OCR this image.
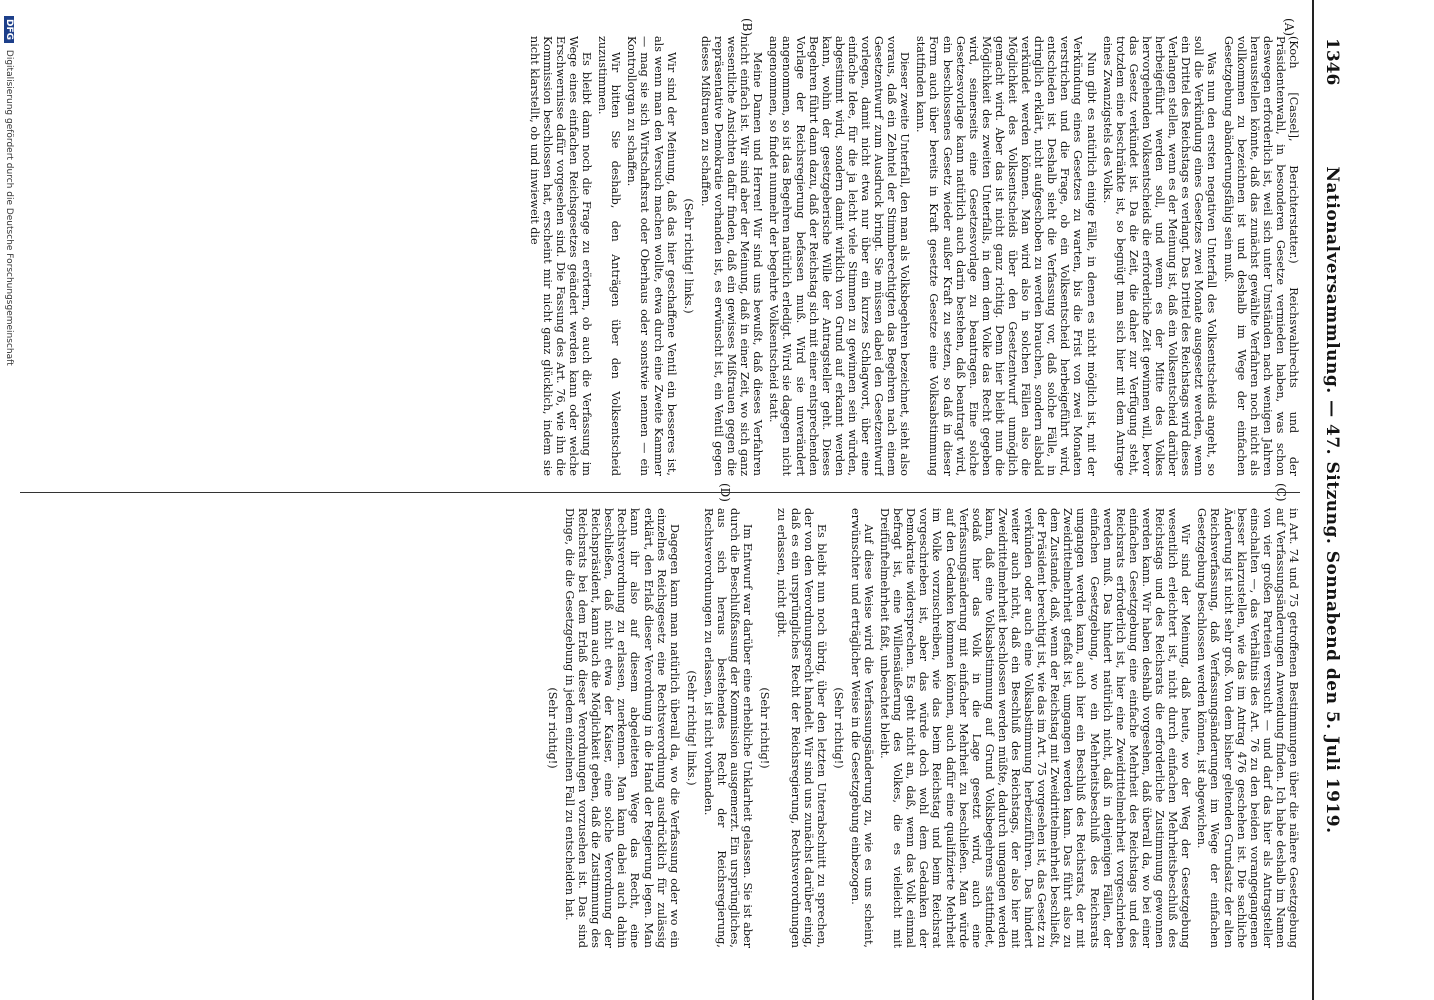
1346
Nationalversammlung. — 47. Sitzung. Sonnabend den 5. Juli 1919.
(A)
(B)
(C)
(D)

(Koch [Cassel], Berichterstatter.) Reichswahlrechts und der Präsidentenwahl, in besonderen Gesetze vermieden haben, was schon deswegen erforderlich ist, weil sich unter Umständen nach wenigen Jahren herausstellen könnte, daß das zunächst gewählte Verfahren noch nicht als vollkommen zu bezeichnen ist und deshalb im Wege der einfachen Gesetzgebung abänderungsfähig sein muß.

Was nun den ersten negativen Unterfall des Volksentscheids angeht, so soll die Verkündung eines Gesetzes zwei Monate ausgesetzt werden, wenn ein Drittel des Reichstags es verlangt. Das Drittel des Reichstags wird dieses Verlangen stellen, wenn es der Meinung ist, daß ein Volksentscheid darüber herbeigeführt werden soll, und wenn es der Mitte des Volkes hervorgehenden Volksentscheids die erforderliche Zeit gewinnen will, bevor das Gesetz verkündet ist. Da die Zeit, die daher zur Verfügung steht, trotzdem eine beschränkte ist, so begnügt man sich hier mit dem Antrage eines Zwanzigstels des Volks.

Nun gibt es natürlich einige Fälle, in denen es nicht möglich ist, mit der Verkündung eines Gesetzes zu warten, bis die Frist von zwei Monaten verstrichen und die Frage, ob ein Volksentscheid herbeigeführt wird, entschieden ist. Deshalb sieht die Verfassung vor, daß solche Fälle, in dringlich erklärt, nicht aufgeschoben zu werden brauchen, sondern alsbald verkündet werden können. Man wird also in solchen Fällen also die Möglichkeit des Volksentscheids über den Gesetzentwurf unmöglich gemacht wird. Aber das ist nicht ganz richtig. Denn hier bleibt nun die Möglichkeit des zweiten Unterfalls, in dem dem Volke das Recht gegeben wird, seinerseits eine Gesetzesvorlage zu beantragen. Eine solche Gesetzesvorlage kann natürlich auch darin bestehen, daß beantragt wird, ein beschlossenes Gesetz wieder außer Kraft zu setzen, so daß in dieser Form auch über bereits in Kraft gesetzte Gesetze eine Volksabstimmung stattfinden kann.

Dieser zweite Unterfall, den man als Volksbegehren bezeichnet, sieht also voraus, daß ein Zehntel der Stimmberechtigten das Begehren nach einem Gesetzentwurf zum Ausdruck bringt. Sie müssen dabei den Gesetzentwurf vorlegen, damit nicht etwa nur über ein kurzes Schlagwort, über eine einfache Idee, für die ja leicht viele Stimmen zu gewinnen sein würden, abgestimmt wird, sondern damit wirklich von Grund auf erkannt werden kann, wohin der gesetzgeberische Wille der Antragsteller geht. Dieses Begehren führt dann dazu, daß der Reichstag sich mit einer entsprechenden Vorlage der Reichsregierung befassen muß. Wird sie unverändert angenommen, so ist das Begehren natürlich erledigt. Wird sie dagegen nicht angenommen, so findet nunmehr der begehrte Volksentscheid statt.

Meine Damen und Herren! Wir sind uns bewußt, daß dieses Verfahren nicht einfach ist. Wir sind aber der Meinung, daß in einer Zeit, wo sich ganz wesentliche Ansichten dafür finden, daß ein gewisses Mißtrauen gegen die repräsentative Demokratie vorhanden ist, es erwünscht ist, ein Ventil gegen dieses Mißtrauen zu schaffen.

(Sehr richtig! links.)

Wir sind der Meinung, daß das hier geschaffene Ventil ein besseres ist, als wenn man den Versuch machen wollte, etwa durch eine Zweite Kammer — mag sie sich Wirtschaftsrat oder Oberhaus oder sonstwie nennen — ein Kontrollorgan zu schaffen.

Wir bitten Sie deshalb, den Anträgen über den Volksentscheid zuzustimmen.

Es bleibt dann noch die Frage zu erörtern, ob auch die Verfassung im Wege eines einfachen Reichsgesetzes geändert werden kann oder welche Erschwernisse dafür vorgesehen sind. Die Fassung des Art. 76, wie ihn die Kommission beschlossen hat, erscheint mir nicht ganz glücklich, indem sie nicht klarstellt, ob und inwieweit die

in Art. 74 und 75 getroffenen Bestimmungen über die nähere Gesetzgebung auf Verfassungsänderungen Anwendung finden. Ich habe deshalb im Namen von vier großen Parteien versucht — und darf das hier als Antragsteller einschalten —, das Verhältnis des Art. 76 zu den beiden vorangegangenen besser klarzustellen, wie das im Antrag 476 geschehen ist. Die sachliche Änderung ist nicht sehr groß. Von dem bisher geltenden Grundsatz der alten Reichsverfassung, daß Verfassungsänderungen im Wege der einfachen Gesetzgebung beschlossen werden können, ist abgewichen.

Wir sind der Meinung, daß heute, wo der Weg der Gesetzgebung wesentlich erleichtert ist, nicht durch einfachen Mehrheitsbeschluß des Reichstags und des Reichsrats die erforderliche Zustimmung gewonnen werden kann. Wir haben deshalb vorgesehen, daß überall da, wo bei einer einfachen Gesetzgebung eine einfache Mehrheit des Reichstags und des Reichsrats erforderlich ist, hier eine Zweidrittelmehrheit vorgeschrieben werden muß. Das hindert natürlich nicht, daß in denjenigen Fällen, der einfachen Gesetzgebung, wo ein Mehrheitsbeschluß des Reichsrats umgangen werden kann, auch hier ein Beschluß des Reichsrats, der mit Zweidrittelmehrheit gefaßt ist, umgangen werden kann. Das führt also zu dem Zustande, daß, wenn der Reichstag mit Zweidrittelmehrheit beschließt, der Präsident berechtigt ist, wie das im Art. 75 vorgesehen ist, das Gesetz zu verkünden oder auch eine Volksabstimmung herbeizuführen. Das hindert weiter auch nicht, daß ein Beschluß des Reichstags, der also hier mit Zweidrittelmehrheit beschlossen werden müßte, dadurch umgangen werden kann, daß eine Volksabstimmung auf Grund Volksbegehrens stattfindet, sodaß hier das Volk in die Lage gesetzt wird, auch eine Verfassungsänderung mit einfacher Mehrheit zu beschließen. Man würde auf den Gedanken kommen können, auch dafür eine qualifizierte Mehrheit im Volke vorzuschreiben, wie das beim Reichstag und beim Reichsrat vorgeschrieben ist, aber das würde doch wohl dem Gedanken der Demokratie widersprechen. Es geht nicht an, daß, wenn das Volk einmal befragt ist, eine Willensäußerung des Volkes, die es vielleicht mit Dreifünftelmehrheit faßt, unbeachtet bleibt.

Auf diese Weise wird die Verfassungsänderung zu, wie es uns scheint, erwünschter und erträglicher Weise in die Gesetzgebung einbezogen.

(Sehr richtig!)

Es bleibt nun noch übrig, über den letzten Unterabschnitt zu sprechen, der von den Verordnungsrecht handelt. Wir sind uns zunächst darüber einig, daß es ein ursprüngliches Recht der Reichsregierung, Rechtsverordnungen zu erlassen, nicht gibt.

(Sehr richtig!)

Im Entwurf war darüber eine erhebliche Unklarheit gelassen. Sie ist aber durch die Beschlußfassung der Kommission ausgemerzt. Ein ursprüngliches, aus sich heraus bestehendes Recht der Reichsregierung, Rechtsverordnungen zu erlassen, ist nicht vorhanden.

(Sehr richtig! links.)

Dagegen kann man natürlich überall da, wo die Verfassung oder wo ein einzelnes Reichsgesetz eine Rechtsverordnung ausdrücklich für zulässig erklärt, den Erlaß dieser Verordnung in die Hand der Regierung legen. Man kann ihr also auf diesem abgeleiteten Wege das Recht, eine Rechtsverordnung zu erlassen, zuerkennen. Man kann dabei auch dahin beschließen, daß nicht etwa der Kaiser, eine solche Verordnung der Reichspräsident, kann auch die Möglichkeit geben, daß die Zustimmung des Reichsrats bei dem Erlaß dieser Verordnungen vorzusehen ist. Das sind Dinge, die die Gesetzgebung in jedem einzelnen Fall zu entscheiden hat.

(Sehr richtig!)

DFG Digitalisierung gefördert durch die Deutsche Forschungsgemeinschaft
